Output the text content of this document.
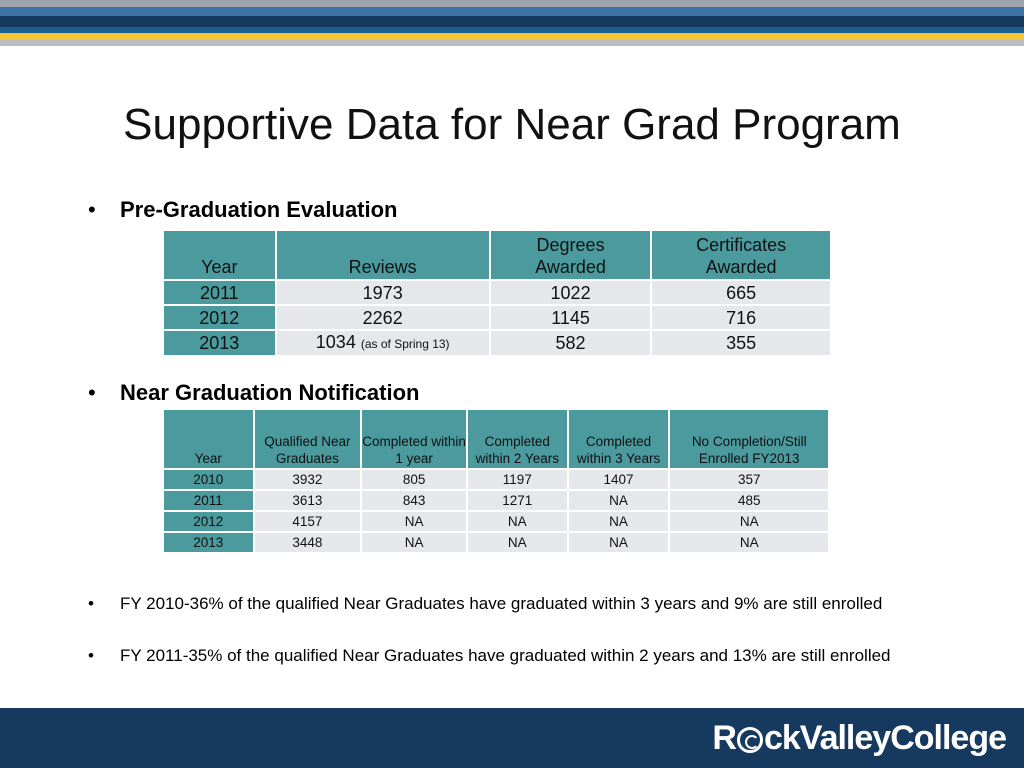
Supportive Data for Near Grad Program
• Pre-Graduation Evaluation
Year	Reviews	Degrees Awarded	Certificates Awarded
2011	1973	1022	665
2012	2262	1145	716
2013	1034 (as of Spring 13)	582	355
• Near Graduation Notification
Year	Qualified Near Graduates	Completed within 1 year	Completed within 2 Years	Completed within 3 Years	No Completion/Still Enrolled FY2013
2010	3932	805	1197	1407	357
2011	3613	843	1271	NA	485
2012	4157	NA	NA	NA	NA
2013	3448	NA	NA	NA	NA
•	FY 2010-36% of the qualified Near Graduates have graduated within 3 years and 9% are still enrolled
•	FY 2011-35% of the qualified Near Graduates have graduated within 2 years and 13% are still enrolled
R ckValleyCollege
